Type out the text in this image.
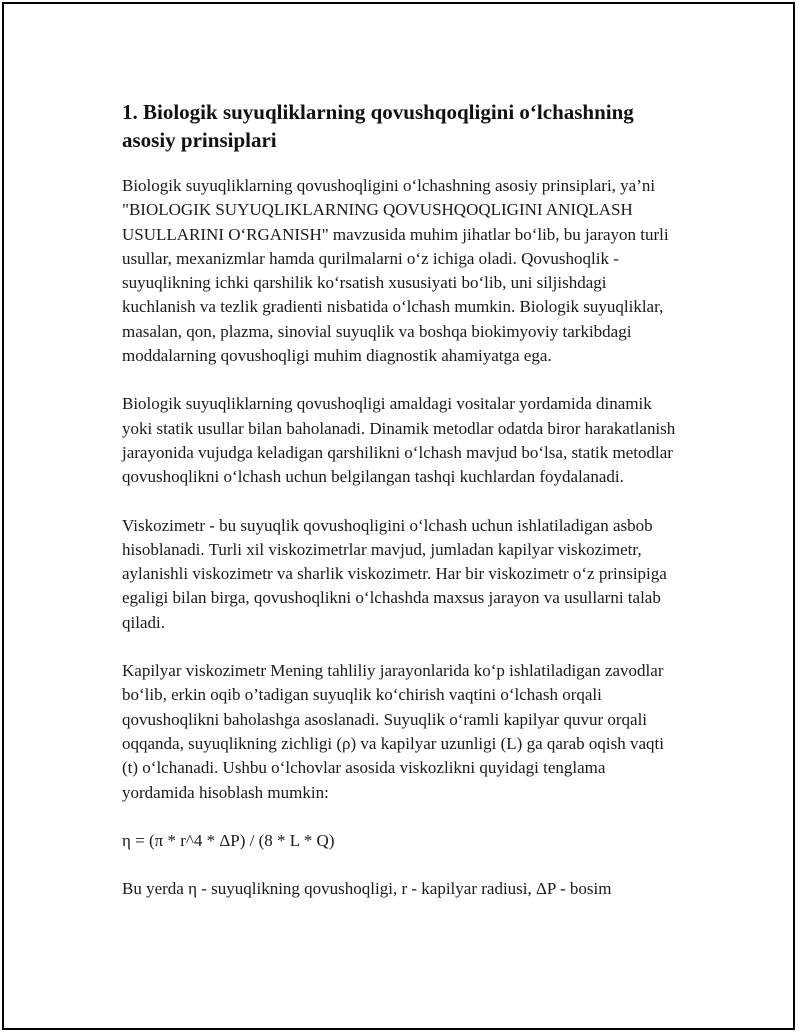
1. Biologik suyuqliklarning qovushqoqligini o‘lchashning asosiy prinsiplari

Biologik suyuqliklarning qovushoqligini o‘lchashning asosiy prinsiplari, ya’ni "BIOLOGIK SUYUQLIKLARNING QOVUSHQOQLIGINI ANIQLASH USULLARINI O‘RGANISH" mavzusida muhim jihatlar bo‘lib, bu jarayon turli usullar, mexanizmlar hamda qurilmalarni o‘z ichiga oladi. Qovushoqlik - suyuqlikning ichki qarshilik ko‘rsatish xususiyati bo‘lib, uni siljishdagi kuchlanish va tezlik gradienti nisbatida o‘lchash mumkin. Biologik suyuqliklar, masalan, qon, plazma, sinovial suyuqlik va boshqa biokimyoviy tarkibdagi moddalarning qovushoqligi muhim diagnostik ahamiyatga ega.

Biologik suyuqliklarning qovushoqligi amaldagi vositalar yordamida dinamik yoki statik usullar bilan baholanadi. Dinamik metodlar odatda biror harakatlanish jarayonida vujudga keladigan qarshilikni o‘lchash mavjud bo‘lsa, statik metodlar qovushoqlikni o‘lchash uchun belgilangan tashqi kuchlardan foydalanadi.

Viskozimetr - bu suyuqlik qovushoqligini o‘lchash uchun ishlatiladigan asbob hisoblanadi. Turli xil viskozimetrlar mavjud, jumladan kapilyar viskozimetr, aylanishli viskozimetr va sharlik viskozimetr. Har bir viskozimetr o‘z prinsipiga egaligi bilan birga, qovushoqlikni o‘lchashda maxsus jarayon va usullarni talab qiladi.

Kapilyar viskozimetr Mening tahliliy jarayonlarida ko‘p ishlatiladigan zavodlar bo‘lib, erkin oqib o’tadigan suyuqlik ko‘chirish vaqtini o‘lchash orqali qovushoqlikni baholashga asoslanadi. Suyuqlik o‘ramli kapilyar quvur orqali oqqanda, suyuqlikning zichligi (ρ) va kapilyar uzunligi (L) ga qarab oqish vaqti (t) o‘lchanadi. Ushbu o‘lchovlar asosida viskozlikni quyidagi tenglama yordamida hisoblash mumkin:

η = (π * r^4 * ΔP) / (8 * L * Q)

Bu yerda η - suyuqlikning qovushoqligi, r - kapilyar radiusi, ΔP - bosim
